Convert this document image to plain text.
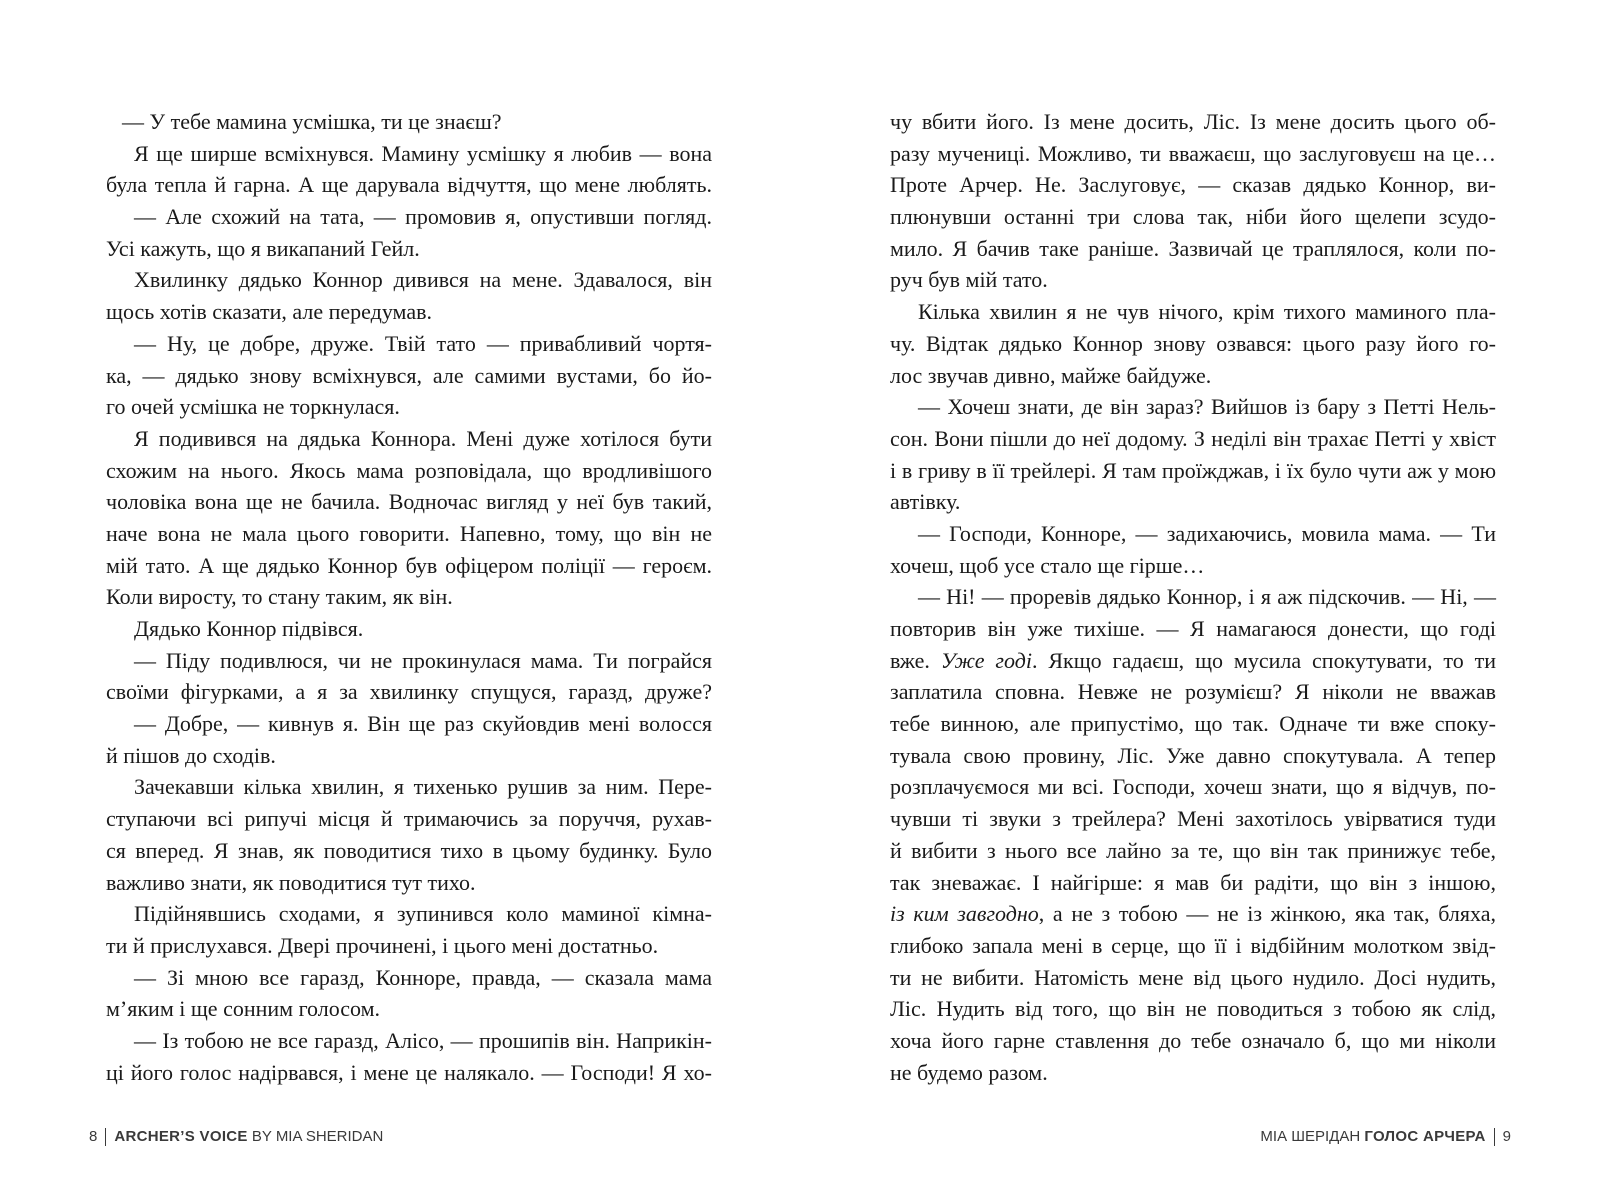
— У тебе мамина усмішка, ти це знаєш?
Я ще ширше всміхнувся. Мамину усмішку я любив — вона
була тепла й гарна. А ще дарувала відчуття, що мене люблять.
— Але схожий на тата, — промовив я, опустивши погляд.
Усі кажуть, що я викапаний Гейл.
Хвилинку дядько Коннор дивився на мене. Здавалося, він
щось хотів сказати, але передумав.
— Ну, це добре, друже. Твій тато — привабливий чортя-
ка, — дядько знову всміхнувся, але самими вустами, бо йо-
го очей усмішка не торкнулася.
Я подивився на дядька Коннора. Мені дуже хотілося бути
схожим на нього. Якось мама розповідала, що вродливішого
чоловіка вона ще не бачила. Водночас вигляд у неї був такий,
наче вона не мала цього говорити. Напевно, тому, що він не
мій тато. А ще дядько Коннор був офіцером поліції — героєм.
Коли виросту, то стану таким, як він.
Дядько Коннор підвівся.
— Піду подивлюся, чи не прокинулася мама. Ти пограйся
своїми фігурками, а я за хвилинку спущуся, гаразд, друже?
— Добре, — кивнув я. Він ще раз скуйовдив мені волосся
й пішов до сходів.
Зачекавши кілька хвилин, я тихенько рушив за ним. Пере-
ступаючи всі рипучі місця й тримаючись за поруччя, рухав-
ся вперед. Я знав, як поводитися тихо в цьому будинку. Було
важливо знати, як поводитися тут тихо.
Підійнявшись сходами, я зупинився коло маминої кімна-
ти й прислухався. Двері прочинені, і цього мені достатньо.
— Зі мною все гаразд, Конноре, правда, — сказала мама
м’яким і ще сонним голосом.
— Із тобою не все гаразд, Алісо, — прошипів він. Наприкін-
ці його голос надірвався, і мене це налякало. — Господи! Я хо-
8 ARCHER’S VOICE BY MIA SHERIDAN
чу вбити його. Із мене досить, Ліс. Із мене досить цього об-
разу мучениці. Можливо, ти вважаєш, що заслуговуєш на це…
Проте Арчер. Не. Заслуговує, — сказав дядько Коннор, ви-
плюнувши останні три слова так, ніби його щелепи зсудо-
мило. Я бачив таке раніше. Зазвичай це траплялося, коли по-
руч був мій тато.
Кілька хвилин я не чув нічого, крім тихого маминого пла-
чу. Відтак дядько Коннор знову озвався: цього разу його го-
лос звучав дивно, майже байдуже.
— Хочеш знати, де він зараз? Вийшов із бару з Петті Нель-
сон. Вони пішли до неї додому. З неділі він трахає Петті у хвіст
і в гриву в її трейлері. Я там проїжджав, і їх було чути аж у мою
автівку.
— Господи, Конноре, — задихаючись, мовила мама. — Ти
хочеш, щоб усе стало ще гірше…
— Ні! — проревів дядько Коннор, і я аж підскочив. — Ні, —
повторив він уже тихіше. — Я намагаюся донести, що годі
вже. Уже годі. Якщо гадаєш, що мусила спокутувати, то ти
заплатила сповна. Невже не розумієш? Я ніколи не вважав
тебе винною, але припустімо, що так. Одначе ти вже споку-
тувала свою провину, Ліс. Уже давно спокутувала. А тепер
розплачуємося ми всі. Господи, хочеш знати, що я відчув, по-
чувши ті звуки з трейлера? Мені захотілось увірватися туди
й вибити з нього все лайно за те, що він так принижує тебе,
так зневажає. І найгірше: я мав би радіти, що він з іншою,
із ким завгодно, а не з тобою — не із жінкою, яка так, бляха,
глибоко запала мені в серце, що її і відбійним молотком звід-
ти не вибити. Натомість мене від цього нудило. Досі нудить,
Ліс. Нудить від того, що він не поводиться з тобою як слід,
хоча його гарне ставлення до тебе означало б, що ми ніколи
не будемо разом.
МІА ШЕРІДАН ГОЛОС АРЧЕРА 9
